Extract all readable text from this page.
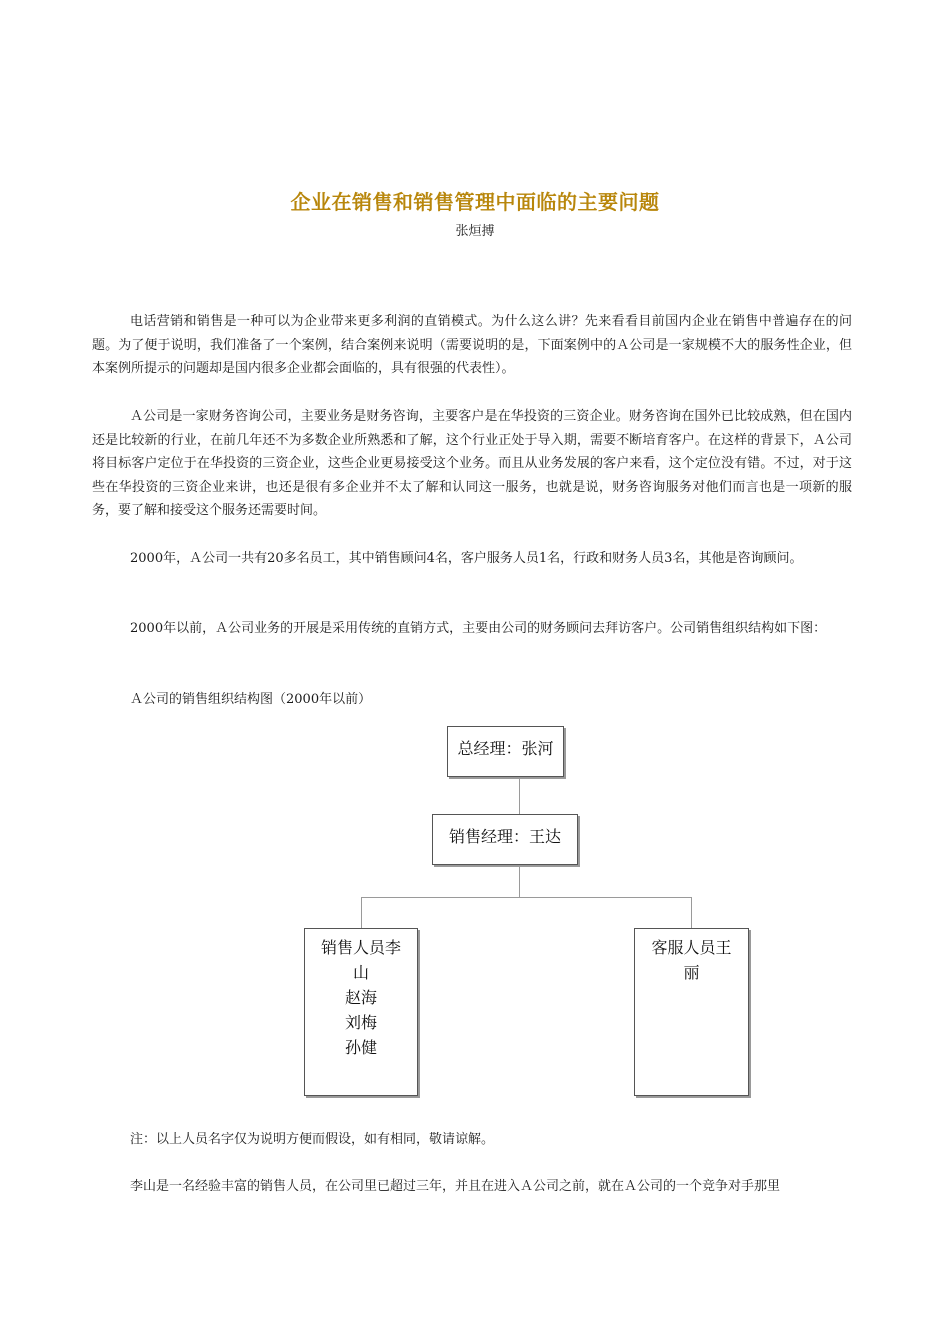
企业在销售和销售管理中面临的主要问题
张烜搏

电话营销和销售是一种可以为企业带来更多利润的直销模式。为什么这么讲？先来看看目前国内企业在销售中普遍存在的问题。为了便于说明，我们准备了一个案例，结合案例来说明（需要说明的是，下面案例中的Ａ公司是一家规模不大的服务性企业，但本案例所提示的问题却是国内很多企业都会面临的，具有很强的代表性）。

Ａ公司是一家财务咨询公司，主要业务是财务咨询，主要客户是在华投资的三资企业。财务咨询在国外已比较成熟，但在国内还是比较新的行业，在前几年还不为多数企业所熟悉和了解，这个行业正处于导入期，需要不断培育客户。在这样的背景下，Ａ公司将目标客户定位于在华投资的三资企业，这些企业更易接受这个业务。而且从业务发展的客户来看，这个定位没有错。不过，对于这些在华投资的三资企业来讲，也还是很有多企业并不太了解和认同这一服务，也就是说，财务咨询服务对他们而言也是一项新的服务，要了解和接受这个服务还需要时间。

2000年，Ａ公司一共有20多名员工，其中销售顾问4名，客户服务人员1名，行政和财务人员3名，其他是咨询顾问。

2000年以前，Ａ公司业务的开展是采用传统的直销方式，主要由公司的财务顾问去拜访客户。公司销售组织结构如下图：

Ａ公司的销售组织结构图（2000年以前）
总经理：张河
销售经理：王达
销售人员李
山
赵海
刘梅
孙健
客服人员王
丽
注：以上人员名字仅为说明方便而假设，如有相同，敬请谅解。
李山是一名经验丰富的销售人员，在公司里已超过三年，并且在进入Ａ公司之前，就在Ａ公司的一个竞争对手那里
